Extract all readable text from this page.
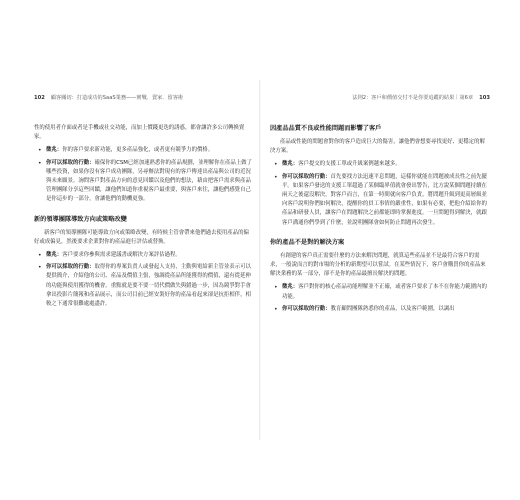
102 顧客關切：打造成功的SaaS業務——實戰．賣家．留客術

性的使用者介面或者是手機或社交功能，而加上價錢更迭的誘惑，都會讓許多公司轉換賣家。

• 徵兆：你的客戶要求新功能，更多產品強化，或者更有競爭力的價格。
• 你可以採取的行動：確保你的CSM已經加速熟悉你的產品規劃，並理解你在產品上做了哪些投資，如果你沒有客戶成功團隊，另尋辦法對現有的客戶傳達出產品與公司的近況與未來願景。詢問客戶對產品方向的意見回饋以及他們的想法，藉由把客戶需求與產品管理團隊分享這些回饋，讓他們知道你重視客戶最重要，與客戶來往，讓他們感覺自己是你這步的一部分，會讓他們的動機更強。
新的領導團隊導致方向或策略改變

新客戶的領導團隊可能導致方向或策略改變，有時候主管會帶來他們過去使用產品的偏好或成偏見，然後要求企業對你的產品進行評估或替換。

• 徵兆：客戶要求你參與需求建議書或解決方案評估過程。
• 你可以採取的行動：取得你的專案負責人或發起人支持，主動與電給新主管並表示可以提供簡介，介紹他的公司、產品及價值主張，強調從產品所能獲得的價值，還有從延伸的功能與使用獲得的機會。重點就是要不要一切代價做失與錯過一步，因為競爭對手會拿出投影片簡報和產品展示，而公司目前已經安裝好你的產品看起來卻是抗拒相伴，相較之下通常很難處處盡許。
法則2：客戶和價值交付不是你要追蹤的結果｜第6章 103
因產品品質不良或性能問題而影響了客戶

產品或性能的問題會對你的客戶造成巨大的傷害，讓他們會想要尋找更好、更穩定的解決方案。

• 徵兆：客戶提交的支援工單或升級案例越來越多。
• 你可以採取的行動：首先要找方法迅速平息問題，這樣你就能在問題被成長性之前先擺平。如果客戶發送的支援工單超過了某個臨界值就會發出警告，比方說某個問題持續在兩天之後還沒解決，對客戶而言，在第一時間就向客戶負責，將問題升級到更高層級並向客戶說明你們如何解決，提醒你的員工事情的嚴重性，如果有必要，把他介紹給你的產品和研發人員，讓客戶在問題解決之前都能即時掌握進度。一旦問題得到解決，就跟客戶溝通你們學到了什麼，並說明團隊會如何防止問題再次發生。
你的產品不是對的解決方案

有創建的客戶真正需要什麼的方法來解決問題，就算這些產品並不是最符合客戶的需求，一般說而言的對市場的分析的新期望可以嘗試。在某些情況下，客戶會購買你的產品來解決業務的某一部分，卻不是你的產品最擅長解決的問題。

• 徵兆：客戶對你的核心產品功能理解並不正確，或者客戶要求了本不在你能力範圍內的功能。
• 你可以採取的行動：教育顧問團隊熟悉你的產品，以及客戶範圍，以調出
